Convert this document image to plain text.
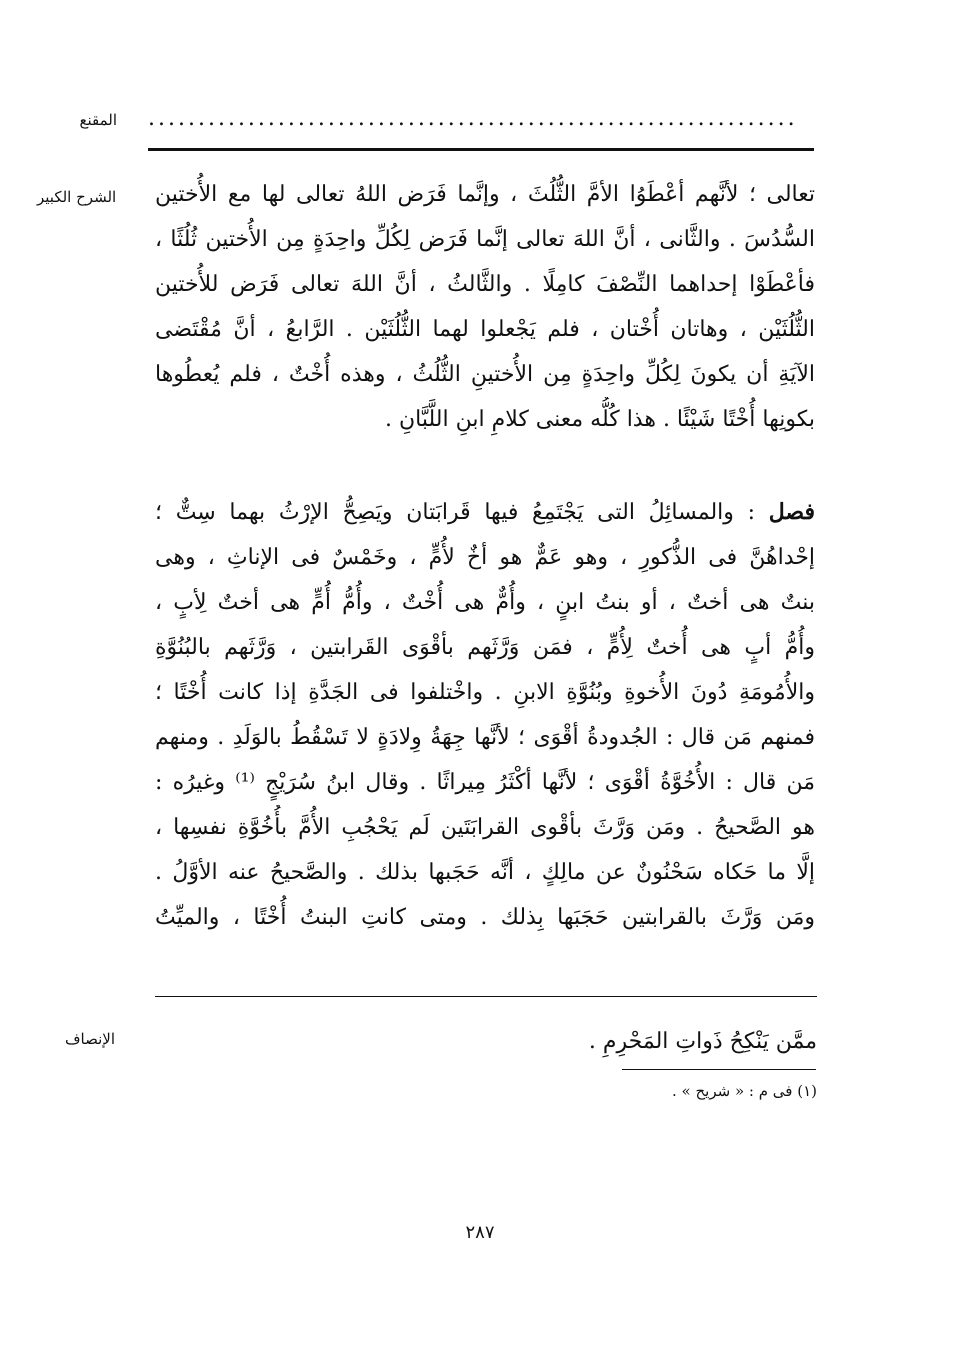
المقنع .................................................................
الشرح الكبير تعالى ؛ لأنَّهم أعْطَوُا الأمَّ الثُّلُثَ ، وإنَّما فَرَض اللهُ تعالى لها مع الأُختين
السُّدُسَ . والثَّانى ، أنَّ اللهَ تعالى إنَّما فَرَض لِكُلِّ واحِدَةٍ مِن الأُختين ثُلُثًا ،
فأعْطَوْا إحداهما النِّصْفَ كامِلًا . والثَّالثُ ، أنَّ اللهَ تعالى فَرَض للأُختين
الثُّلُثَيْن ، وهاتان أُخْتان ، فلم يَجْعلوا لهما الثُّلُثَيْن . الرَّابعُ ، أنَّ مُقْتَضى
الآيَةِ أن يكونَ لِكُلِّ واحِدَةٍ مِن الأُختينِ الثُّلُثُ ، وهذه أُخْتٌ ، فلم يُعطُوها
بكونِها أُخْتًا شَيْئًا . هذا كُلُّه معنى كلامِ ابنِ اللَّبَّانِ .
فصل : والمسائِلُ التى يَجْتَمِعُ فيها قَرابَتان ويَصِحُّ الإرْثُ بهما سِتٌّ ؛
إحْداهُنَّ فى الذُّكورِ ، وهو عَمٌّ هو أخٌ لأُمٍّ ، وخَمْسٌ فى الإناثِ ، وهى
بنتٌ هى أختٌ ، أو بنتُ ابنٍ ، وأُمٌّ هى أُخْتٌ ، وأُمُّ أُمٍّ هى أختٌ لِأبٍ ،
وأُمُّ أبٍ هى أُختٌ لِأُمٍّ ، فمَن وَرَّثَهم بأقْوَى القَرابتين ، وَرَّثَهم بالبُنُوَّةِ
والأُمُومَةِ دُونَ الأُخوةِ وبُنُوَّةِ الابنِ . واخْتلفوا فى الجَدَّةِ إذا كانت أُخْتًا ؛
فمنهم مَن قال : الجُدودةُ أقْوَى ؛ لأنَّها جِهَةُ وِلادَةٍ لا تَسْقُطُ بالوَلَدِ . ومنهم
مَن قال : الأُخُوَّةُ أقْوَى ؛ لأنَّها أكْثَرُ مِيراثًا . وقال ابنُ سُرَيْجٍ ⁽¹⁾ وغيرُه :
هو الصَّحيحُ . ومَن وَرَّثَ بأقْوى القرابَتَين لَم يَحْجُبِ الأُمَّ بأُخُوَّةِ نفسِها ،
إلَّا ما حَكاه سَحْنُونٌ عن مالِكٍ ، أنَّه حَجَبها بذلك . والصَّحيحُ عنه الأوَّلُ .
ومَن وَرَّثَ بالقرابتين حَجَبَها بِذلك . ومتى كانتِ البنتُ أُخْتًا ، والميِّتُ
الإنصاف	ممَّن يَنْكِحُ ذَواتِ المَحْرِمِ .
(١) فى م : « شريح » .
٢٨٧
